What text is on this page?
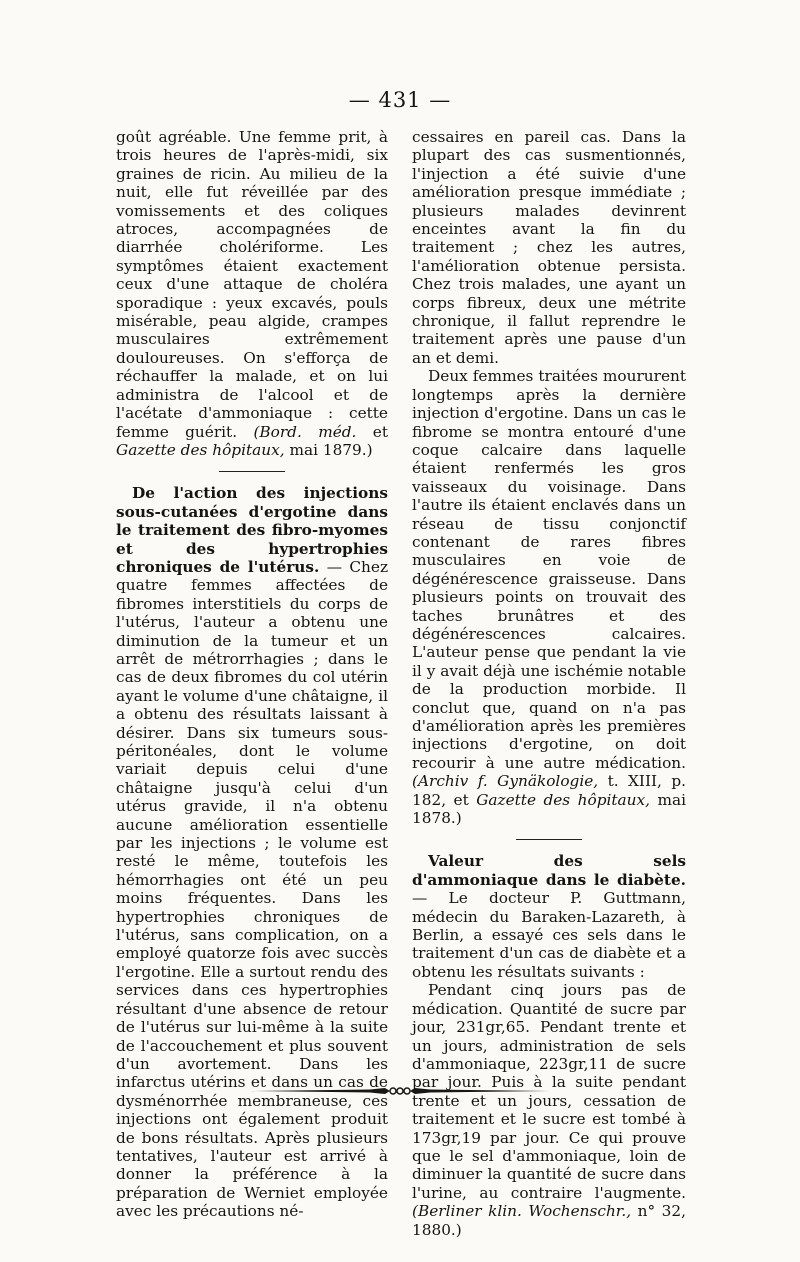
— 431 —

goût agréable. Une femme prit, à trois heures de l'après-midi, six graines de ricin. Au milieu de la nuit, elle fut réveillée par des vomissements et des coliques atroces, accompagnées de diarrhée cholériforme. Les symptômes étaient exactement ceux d'une attaque de choléra sporadique : yeux excavés, pouls misérable, peau algide, crampes musculaires extrêmement douloureuses. On s'efforça de réchauffer la malade, et on lui administra de l'alcool et de l'acétate d'ammoniaque : cette femme guérit. (Bord. méd. et Gazette des hôpitaux, mai 1879.)

De l'action des injections sous-cutanées d'ergotine dans le traitement des fibro-myomes et des hypertrophies chroniques de l'utérus. — Chez quatre femmes affectées de fibromes interstitiels du corps de l'utérus, l'auteur a obtenu une diminution de la tumeur et un arrêt de métrorrhagies ; dans le cas de deux fibromes du col utérin ayant le volume d'une châtaigne, il a obtenu des résultats laissant à désirer. Dans six tumeurs sous-péritonéales, dont le volume variait depuis celui d'une châtaigne jusqu'à celui d'un utérus gravide, il n'a obtenu aucune amélioration essentielle par les injections ; le volume est resté le même, toutefois les hémorrhagies ont été un peu moins fréquentes. Dans les hypertrophies chroniques de l'utérus, sans complication, on a employé quatorze fois avec succès l'ergotine. Elle a surtout rendu des services dans ces hypertrophies résultant d'une absence de retour de l'utérus sur lui-même à la suite de l'accouchement et plus souvent d'un avortement. Dans les infarctus utérins et dans un cas de dysménorrhée membraneuse, ces injections ont également produit de bons résultats. Après plusieurs tentatives, l'auteur est arrivé à donner la préférence à la préparation de Werniet employée avec les précautions né-

cessaires en pareil cas. Dans la plupart des cas susmentionnés, l'injection a été suivie d'une amélioration presque immédiate ; plusieurs malades devinrent enceintes avant la fin du traitement ; chez les autres, l'amélioration obtenue persista. Chez trois malades, une ayant un corps fibreux, deux une métrite chronique, il fallut reprendre le traitement après une pause d'un an et demi.

Deux femmes traitées moururent longtemps après la dernière injection d'ergotine. Dans un cas le fibrome se montra entouré d'une coque calcaire dans laquelle étaient renfermés les gros vaisseaux du voisinage. Dans l'autre ils étaient enclavés dans un réseau de tissu conjonctif contenant de rares fibres musculaires en voie de dégénérescence graisseuse. Dans plusieurs points on trouvait des taches brunâtres et des dégénérescences calcaires. L'auteur pense que pendant la vie il y avait déjà une ischémie notable de la production morbide. Il conclut que, quand on n'a pas d'amélioration après les premières injections d'ergotine, on doit recourir à une autre médication. (Archiv f. Gynäkologie, t. XIII, p. 182, et Gazette des hôpitaux, mai 1878.)

Valeur des sels d'ammoniaque dans le diabète. — Le docteur P. Guttmann, médecin du Baraken-Lazareth, à Berlin, a essayé ces sels dans le traitement d'un cas de diabète et a obtenu les résultats suivants :

Pendant cinq jours pas de médication. Quantité de sucre par jour, 231gr,65. Pendant trente et un jours, administration de sels d'ammoniaque, 223gr,11 de sucre par jour. Puis à la suite pendant trente et un jours, cessation de traitement et le sucre est tombé à 173gr,19 par jour. Ce qui prouve que le sel d'ammoniaque, loin de diminuer la quantité de sucre dans l'urine, au contraire l'augmente. (Berliner klin. Wochenschr., n° 32, 1880.)
